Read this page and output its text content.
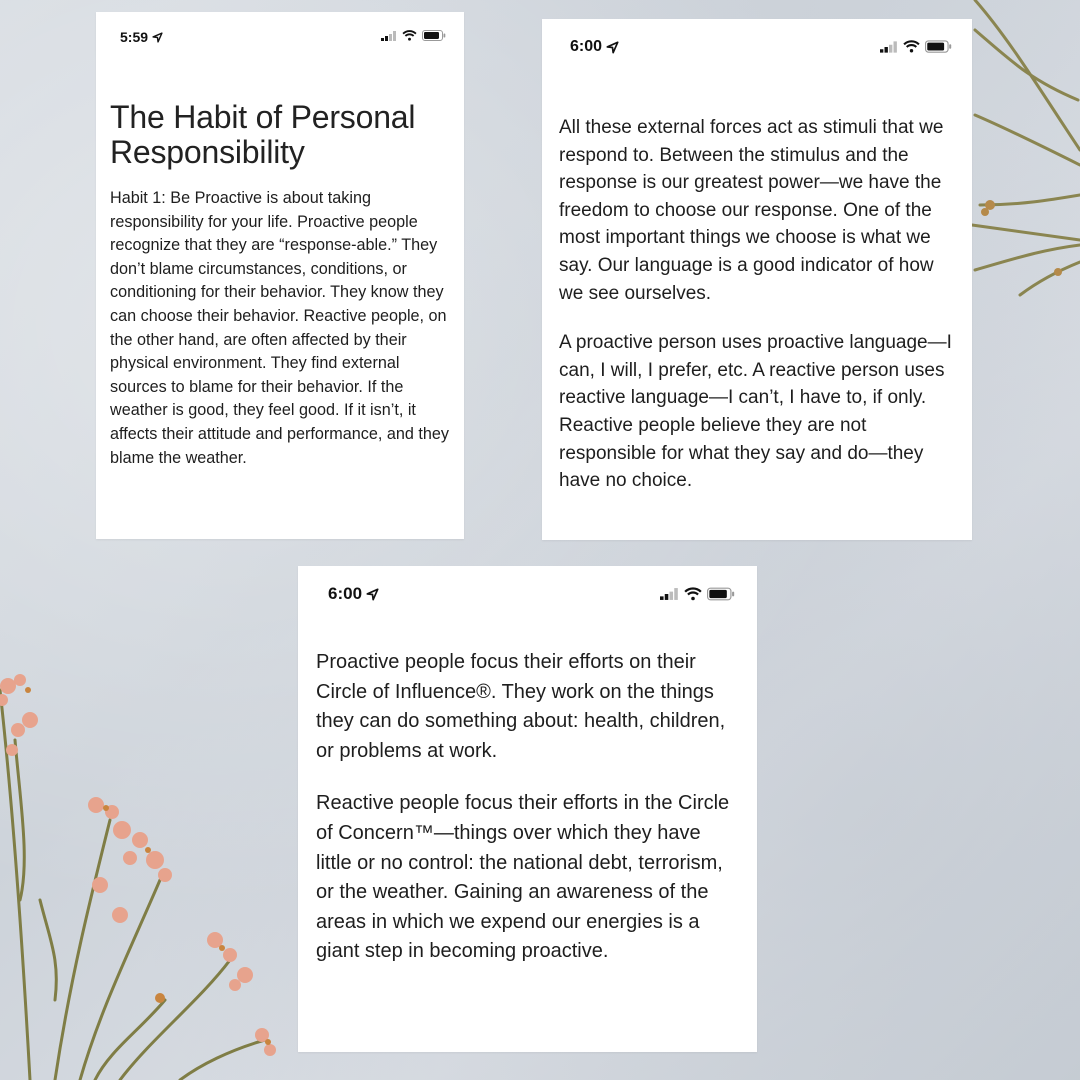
5:59
The Habit of Personal Responsibility

Habit 1: Be Proactive is about taking responsibility for your life. Proactive people recognize that they are “response-able.” They don’t blame circumstances, conditions, or conditioning for their behavior. They know they can choose their behavior. Reactive people, on the other hand, are often affected by their physical environment. They find external sources to blame for their behavior. If the weather is good, they feel good. If it isn’t, it affects their attitude and performance, and they blame the weather.

6:00

All these external forces act as stimuli that we respond to. Between the stimulus and the response is our greatest power—we have the freedom to choose our response. One of the most important things we choose is what we say. Our language is a good indicator of how we see ourselves.

A proactive person uses proactive language—I can, I will, I prefer, etc. A reactive person uses reactive language—I can’t, I have to, if only. Reactive people believe they are not responsible for what they say and do—they have no choice.

6:00

Proactive people focus their efforts on their Circle of Influence®. They work on the things they can do something about: health, children, or problems at work.

Reactive people focus their efforts in the Circle of Concern™—things over which they have little or no control: the national debt, terrorism, or the weather. Gaining an awareness of the areas in which we expend our energies is a giant step in becoming proactive.
